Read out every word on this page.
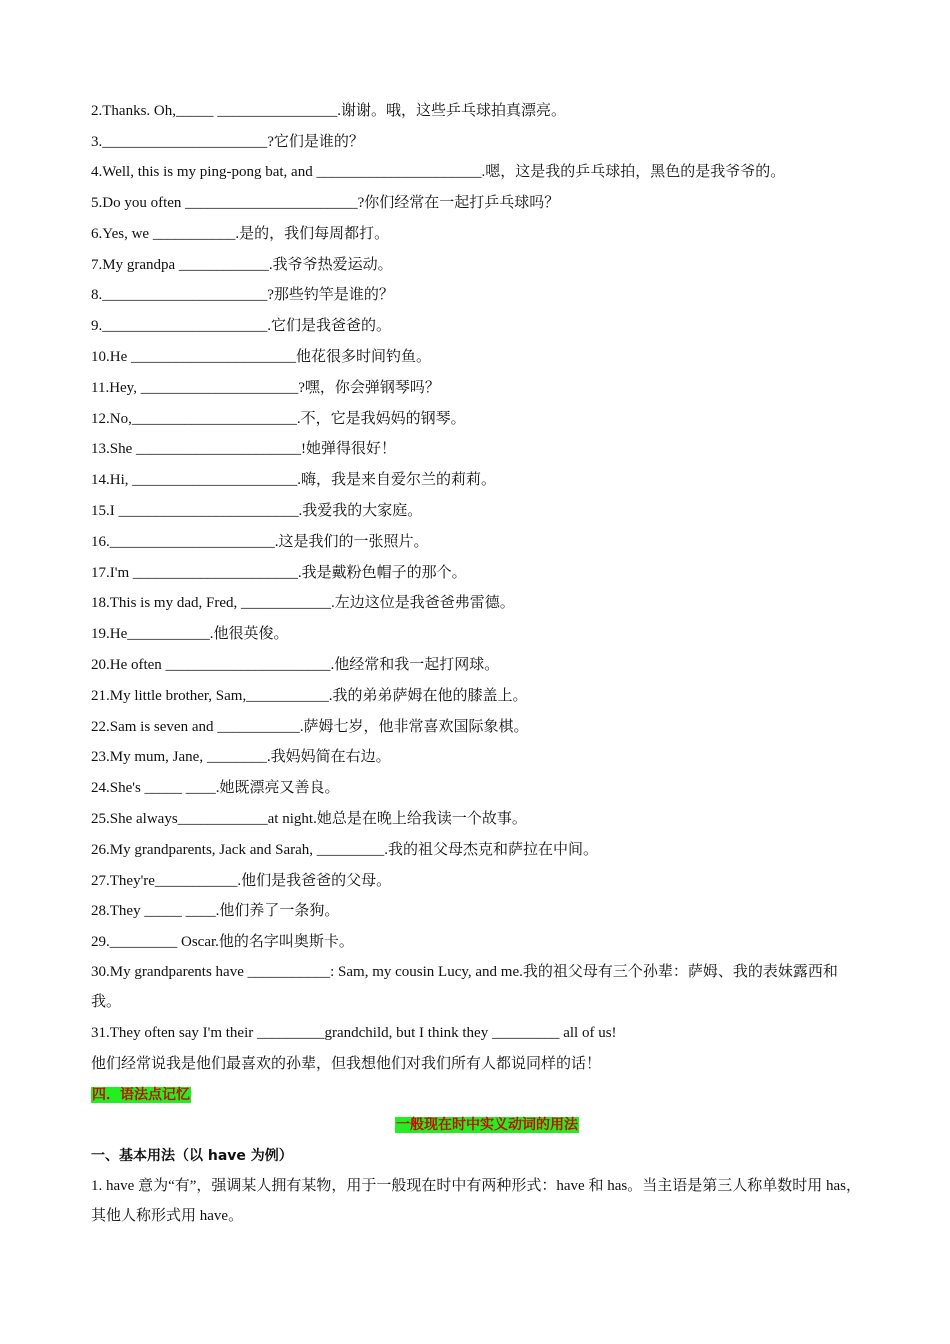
2.Thanks. Oh,_____ ________________.谢谢。哦，这些乒乓球拍真漂亮。
3.______________________?它们是谁的？
4.Well, this is my ping-pong bat, and ______________________.嗯，这是我的乒乓球拍，黑色的是我爷爷的。
5.Do you often _______________________?你们经常在一起打乒乓球吗？
6.Yes, we ___________.是的，我们每周都打。
7.My grandpa ____________.我爷爷热爱运动。
8.______________________?那些钓竿是谁的？
9.______________________.它们是我爸爸的。
10.He ______________________他花很多时间钓鱼。
11.Hey, _____________________?嘿，你会弹钢琴吗？
12.No,______________________.不，它是我妈妈的钢琴。
13.She ______________________!她弹得很好！
14.Hi, ______________________.嗨，我是来自爱尔兰的莉莉。
15.I ________________________.我爱我的大家庭。
16.______________________.这是我们的一张照片。
17.I'm ______________________.我是戴粉色帽子的那个。
18.This is my dad, Fred, ____________.左边这位是我爸爸弗雷德。
19.He___________.他很英俊。
20.He often ______________________.他经常和我一起打网球。
21.My little brother, Sam,___________.我的弟弟萨姆在他的膝盖上。
22.Sam is seven and ___________.萨姆七岁，他非常喜欢国际象棋。
23.My mum, Jane, ________.我妈妈简在右边。
24.She's _____ ____.她既漂亮又善良。
25.She always____________at night.她总是在晚上给我读一个故事。
26.My grandparents, Jack and Sarah, _________.我的祖父母杰克和萨拉在中间。
27.They're___________.他们是我爸爸的父母。
28.They _____ ____.他们养了一条狗。
29._________ Oscar.他的名字叫奥斯卡。
30.My grandparents have ___________: Sam, my cousin Lucy, and me.我的祖父母有三个孙辈：萨姆、我的表妹露西和我。
31.They often say I'm their _________grandchild, but I think they _________ all of us!
他们经常说我是他们最喜欢的孙辈，但我想他们对我们所有人都说同样的话！
四．语法点记忆
一般现在时中实义动词的用法
一、基本用法（以 have 为例）
1. have 意为“有”，强调某人拥有某物，用于一般现在时中有两种形式：have 和 has。当主语是第三人称单数时用 has，其他人称形式用 have。
